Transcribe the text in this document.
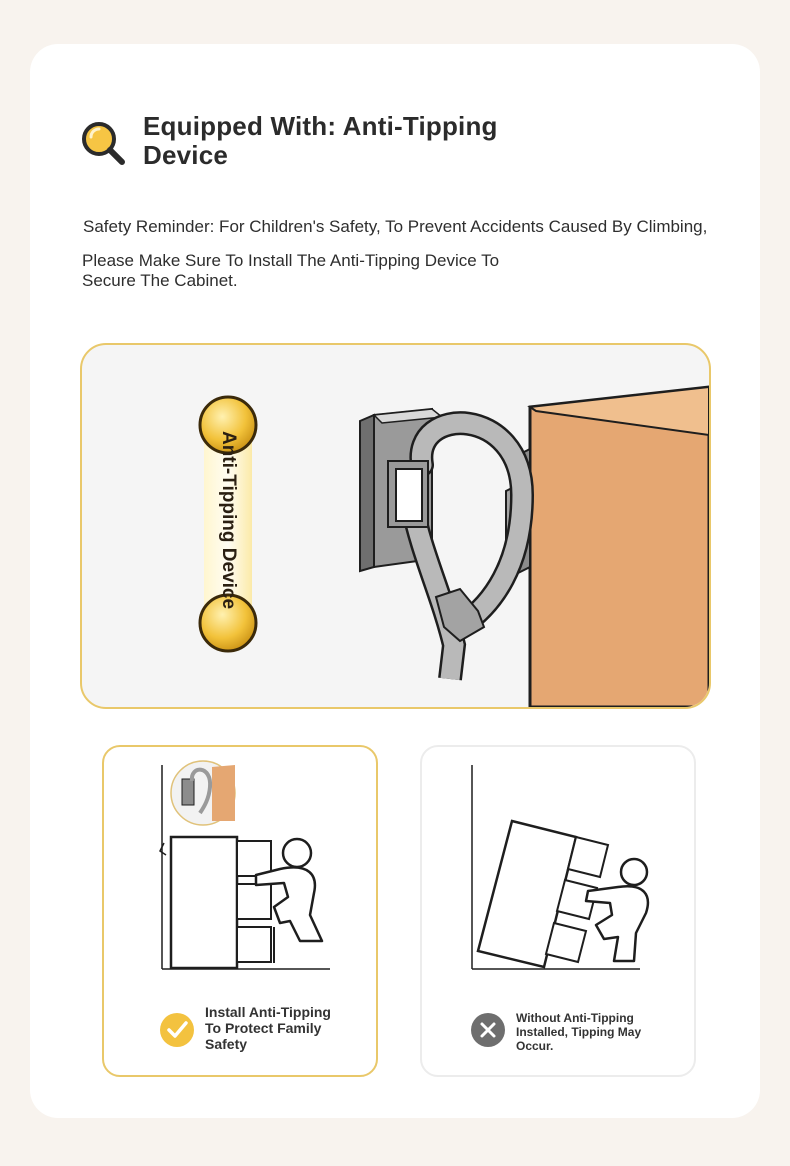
Equipped With: Anti-Tipping Device
Safety Reminder: For Children's Safety, To Prevent Accidents Caused By Climbing,
Please Make Sure To Install The Anti-Tipping Device To Secure The Cabinet.
Anti-Tipping Device
Install Anti-Tipping To Protect Family Safety
Without Anti-Tipping Installed, Tipping May Occur.
